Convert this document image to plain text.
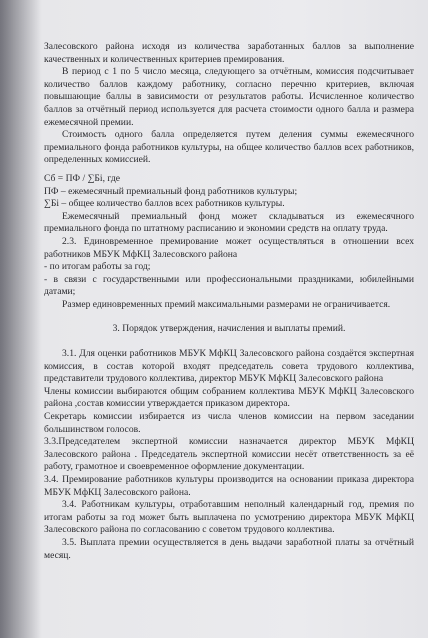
Залесовского района исходя из количества заработанных баллов за выполнение качественных и количественных критериев премирования.

В период с 1 по 5 число месяца, следующего за отчётным, комиссия подсчитывает количество баллов каждому работнику, согласно перечню критериев, включая повышающие баллы в зависимости от результатов работы. Исчисленное количество баллов за отчётный период используется для расчета стоимости одного балла и размера ежемесячной премии.

Стоимость одного балла определяется путем деления суммы ежемесячного премиального фонда работников культуры, на общее количество баллов всех работников, определенных комиссией.

Сб = ПФ / ∑Бi, где

ПФ – ежемесячный премиальный фонд работников культуры;

∑Бi – общее количество баллов всех работников культуры.

Ежемесячный премиальный фонд может складываться из ежемесячного премиального фонда по штатному расписанию и экономии средств на оплату труда.

2.3. Единовременное премирование может осуществляться в отношении всех работников МБУК МфКЦ Залесовского района

- по итогам работы за год;

- в связи с государственными или профессиональными праздниками, юбилейными датами;

Размер единовременных премий максимальными размерами не ограничивается.

3. Порядок утверждения, начисления и выплаты премий.

3.1. Для оценки работников МБУК МфКЦ Залесовского района создаётся экспертная комиссия, в состав которой входят председатель совета трудового коллектива, представители трудового коллектива, директор МБУК МфКЦ Залесовского района

Члены комиссии выбираются общим собранием коллектива МБУК МфКЦ Залесовского района ,состав комиссии утверждается приказом директора.

Секретарь комиссии избирается из числа членов комиссии на первом заседании большинством голосов.

3.3.Председателем экспертной комиссии назначается директор МБУК МфКЦ Залесовского района . Председатель экспертной комиссии несёт ответственность за её работу, грамотное и своевременное оформление документации.

3.4. Премирование работников культуры производится на основании приказа директора МБУК МфКЦ Залесовского района.

3.4. Работникам культуры, отработавшим неполный календарный год, премия по итогам работы за год может быть выплачена по усмотрению директора МБУК МфКЦ Залесовского района по согласованию с советом трудового коллектива.

3.5. Выплата премии осуществляется в день выдачи заработной платы за отчётный месяц.
